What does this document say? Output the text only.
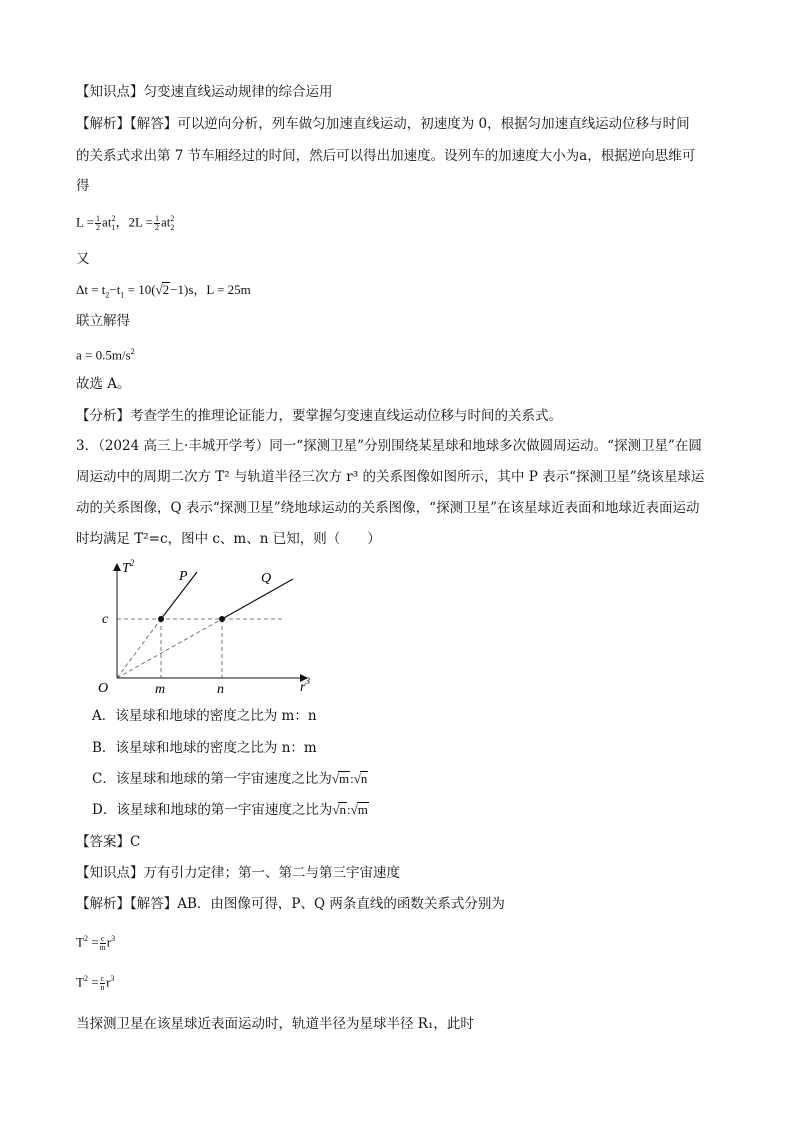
【知识点】匀变速直线运动规律的综合运用
【解析】【解答】可以逆向分析，列车做匀加速直线运动，初速度为 0，根据匀加速直线运动位移与时间
的关系式求出第 7 节车厢经过的时间，然后可以得出加速度。设列车的加速度大小为a，根据逆向思维可
得
$L = \frac{1}{2} at_1^2$，$2L = \frac{1}{2} at_2^2$
又
$\Delta t = t_2-t_1 = 10(√2-1)s$，L = 25m
联立解得
$a = 0.5m/s^2$
故选 A。
【分析】考查学生的推理论证能力，要掌握匀变速直线运动位移与时间的关系式。
3．（2024 高三上·丰城开学考）同一“探测卫星”分别围绕某星球和地球多次做圆周运动。“探测卫星”在圆
周运动中的周期二次方 T² 与轨道半径三次方 r³ 的关系图像如图所示，其中 P 表示“探测卫星”绕该星球运
动的关系图像，Q 表示“探测卫星”绕地球运动的关系图像，“探测卫星”在该星球近表面和地球近表面运动
时均满足 T²=c，图中 c、m、n 已知，则（　　）
$T^2$
P	Q
c
O	m	n	$r^3$
A．该星球和地球的密度之比为 m：n
B．该星球和地球的密度之比为 n：m
C．该星球和地球的第一宇宙速度之比为√m:√n
D．该星球和地球的第一宇宙速度之比为√n:√m
【答案】C
【知识点】万有引力定律；第一、第二与第三宇宙速度
【解析】【解答】AB．由图像可得，P、Q 两条直线的函数关系式分别为
$T^2 = \frac{c}{m} r^3$
$T^2 = \frac{c}{n} r^3$
当探测卫星在该星球近表面运动时，轨道半径为星球半径 R₁，此时
